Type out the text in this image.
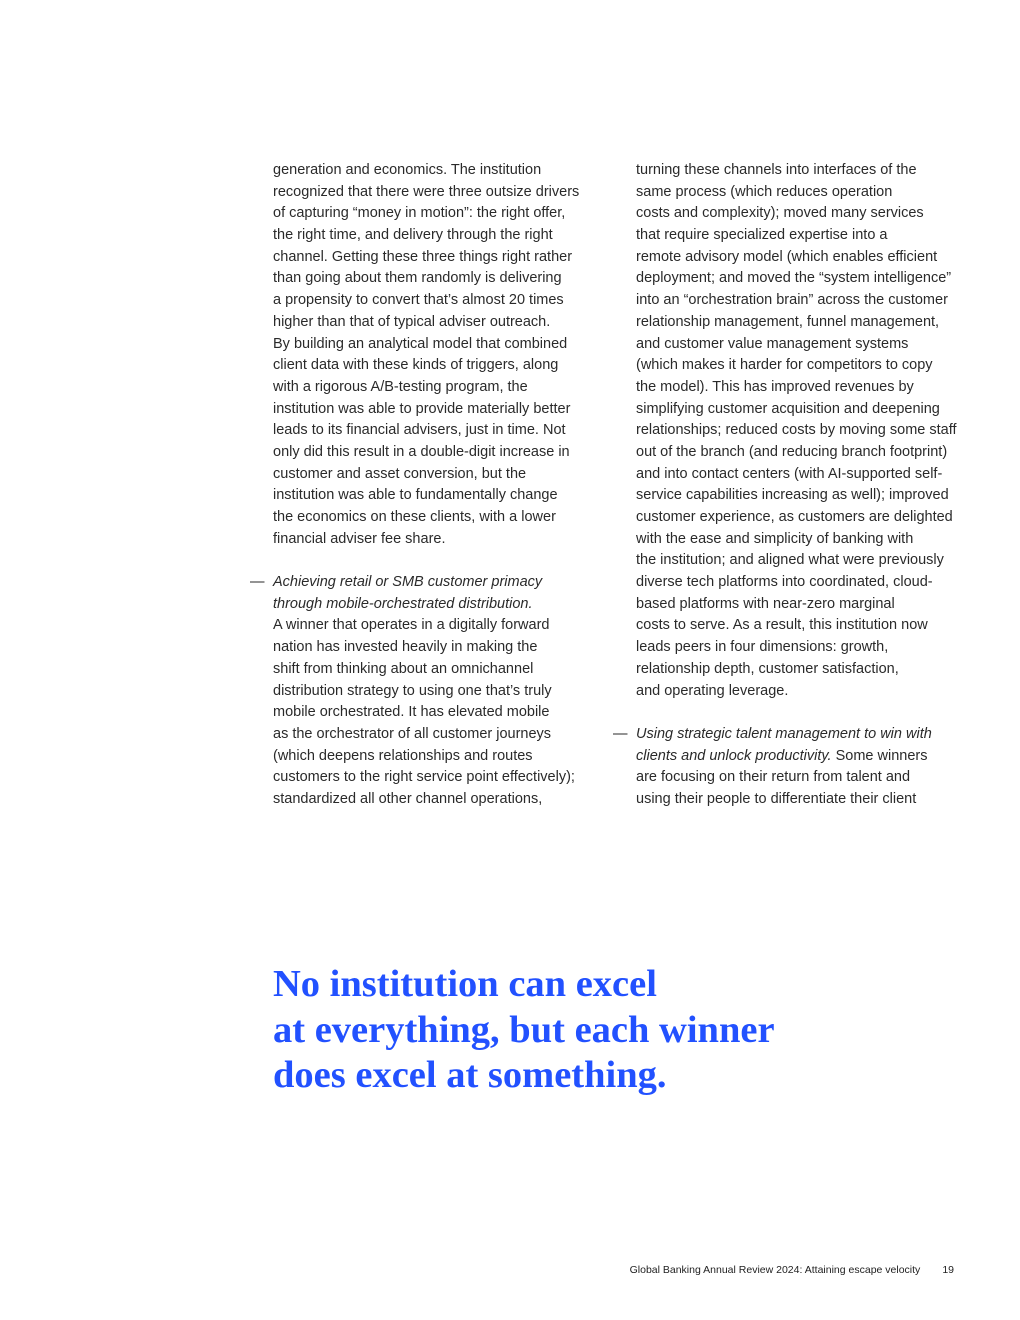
generation and economics. The institution
recognized that there were three outsize drivers
of capturing “money in motion”: the right offer,
the right time, and delivery through the right
channel. Getting these three things right rather
than going about them randomly is delivering
a propensity to convert that’s almost 20 times
higher than that of typical adviser outreach.
By building an analytical model that combined
client data with these kinds of triggers, along
with a rigorous A/B-testing program, the
institution was able to provide materially better
leads to its financial advisers, just in time. Not
only did this result in a double-digit increase in
customer and asset conversion, but the
institution was able to fundamentally change
the economics on these clients, with a lower
financial adviser fee share.
— Achieving retail or SMB customer primacy
through mobile-orchestrated distribution.
A winner that operates in a digitally forward
nation has invested heavily in making the
shift from thinking about an omnichannel
distribution strategy to using one that’s truly
mobile orchestrated. It has elevated mobile
as the orchestrator of all customer journeys
(which deepens relationships and routes
customers to the right service point effectively);
standardized all other channel operations,
turning these channels into interfaces of the
same process (which reduces operation
costs and complexity); moved many services
that require specialized expertise into a
remote advisory model (which enables efficient
deployment; and moved the “system intelligence”
into an “orchestration brain” across the customer
relationship management, funnel management,
and customer value management systems
(which makes it harder for competitors to copy
the model). This has improved revenues by
simplifying customer acquisition and deepening
relationships; reduced costs by moving some staff
out of the branch (and reducing branch footprint)
and into contact centers (with AI-supported self-
service capabilities increasing as well); improved
customer experience, as customers are delighted
with the ease and simplicity of banking with
the institution; and aligned what were previously
diverse tech platforms into coordinated, cloud-
based platforms with near-zero marginal
costs to serve. As a result, this institution now
leads peers in four dimensions: growth,
relationship depth, customer satisfaction,
and operating leverage.
— Using strategic talent management to win with
clients and unlock productivity. Some winners
are focusing on their return from talent and
using their people to differentiate their client
No institution can excel
at everything, but each winner
does excel at something.
Global Banking Annual Review 2024: Attaining escape velocity 19
